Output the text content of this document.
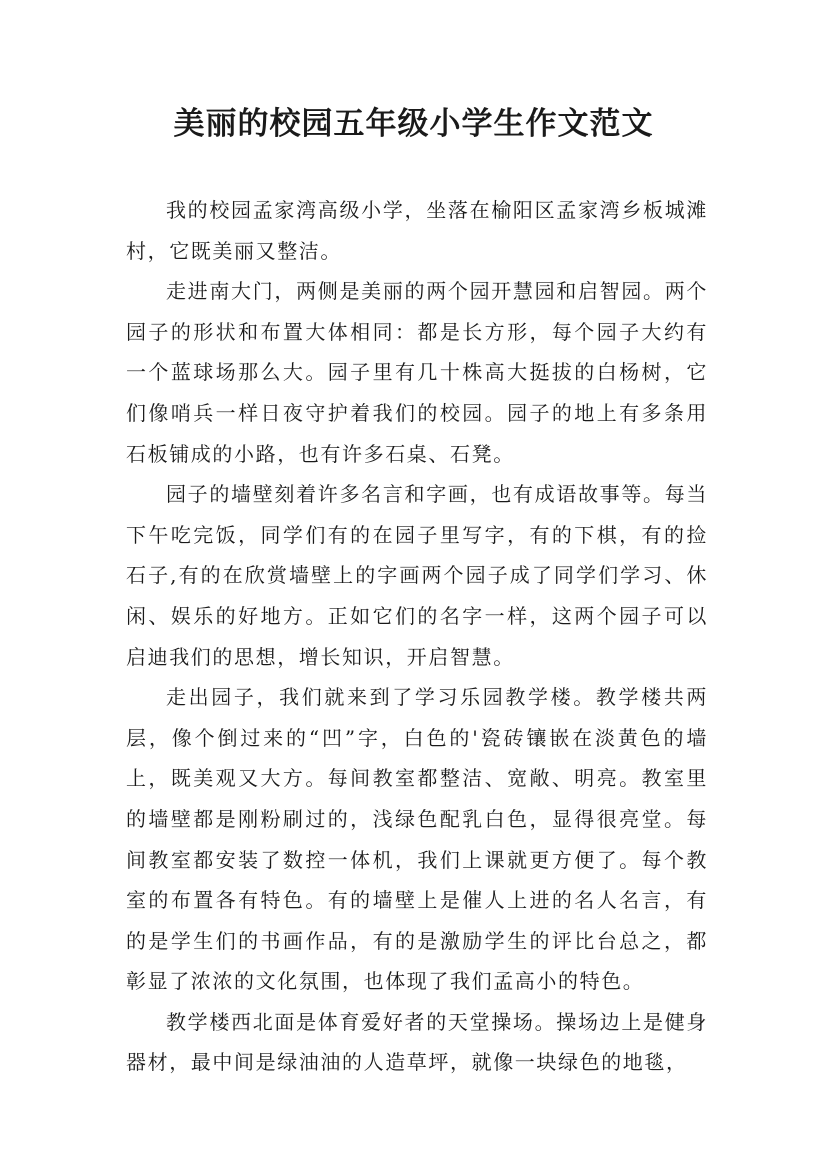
美丽的校园五年级小学生作文范文

我的校园孟家湾高级小学，坐落在榆阳区孟家湾乡板城滩村，它既美丽又整洁。

走进南大门，两侧是美丽的两个园开慧园和启智园。两个园子的形状和布置大体相同：都是长方形，每个园子大约有一个蓝球场那么大。园子里有几十株高大挺拔的白杨树，它们像哨兵一样日夜守护着我们的校园。园子的地上有多条用石板铺成的小路，也有许多石桌、石凳。

园子的墙壁刻着许多名言和字画，也有成语故事等。每当下午吃完饭，同学们有的在园子里写字，有的下棋，有的捡石子,有的在欣赏墙壁上的字画两个园子成了同学们学习、休闲、娱乐的好地方。正如它们的名字一样，这两个园子可以启迪我们的思想，增长知识，开启智慧。

走出园子，我们就来到了学习乐园教学楼。教学楼共两层，像个倒过来的“凹”字，白色的'瓷砖镶嵌在淡黄色的墙上，既美观又大方。每间教室都整洁、宽敞、明亮。教室里的墙壁都是刚粉刷过的，浅绿色配乳白色，显得很亮堂。每间教室都安装了数控一体机，我们上课就更方便了。每个教室的布置各有特色。有的墙壁上是催人上进的名人名言，有的是学生们的书画作品，有的是激励学生的评比台总之，都彰显了浓浓的文化氛围，也体现了我们孟高小的特色。

教学楼西北面是体育爱好者的天堂操场。操场边上是健身器材，最中间是绿油油的人造草坪，就像一块绿色的地毯，
